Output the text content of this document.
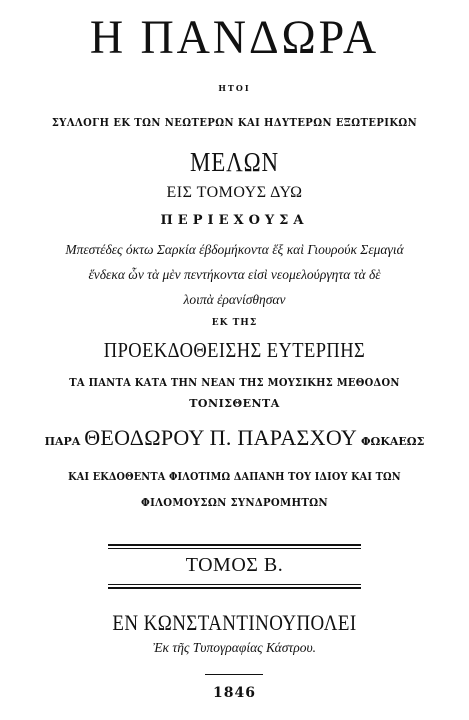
Η ΠΑΝΔΩΡΑ
ΗΤΟΙ
ΣΥΛΛΟΓΗ ΕΚ ΤΩΝ ΝΕΩΤΕΡΩΝ ΚΑΙ ΗΔΥΤΕΡΩΝ ΕΞΩΤΕΡΙΚΩΝ
ΜΕΛΩΝ
ΕΙΣ ΤΟΜΟΥΣ ΔΥΩ
ΠΕΡΙΕΧΟΥΣΑ
Μπεστέδες όκτω Σαρκία έβδομήκοντα ἕξ καὶ Γιουρούκ Σεμαγιά
ἕνδεκα ὧν τὰ μὲν πεντήκοντα εἰσὶ νεομελούργητα τὰ δὲ
λοιπὰ ἐρανίσθησαν
ΕΚ ΤΗΣ
ΠΡΟΕΚΔΟΘΕΙΣΗΣ ΕΥΤΕΡΠΗΣ
ΤΑ ΠΑΝΤΑ ΚΑΤΑ ΤΗΝ ΝΕΑΝ ΤΗΣ ΜΟΥΣΙΚΗΣ ΜΕΘΟΔΟΝ
ΤΟΝΙΣΘΕΝΤΑ
ΠΑΡΑ ΘΕΟΔΩΡΟΥ Π. ΠΑΡΑΣΧΟΥ ΦΩΚΑΕΩΣ
ΚΑΙ ΕΚΔΟΘΕΝΤΑ ΦΙΛΟΤΙΜΩ ΔΑΠΑΝΗ ΤΟΥ ΙΔΙΟΥ ΚΑΙ ΤΩΝ
ΦΙΛΟΜΟΥΣΩΝ ΣΥΝΔΡΟΜΗΤΩΝ
ΤΟΜΟΣ Β.
ΕΝ ΚΩΝΣΤΑΝΤΙΝΟΥΠΟΛΕΙ
Ἐκ τῆς Τυπογραφίας Κάστρου.
1846
